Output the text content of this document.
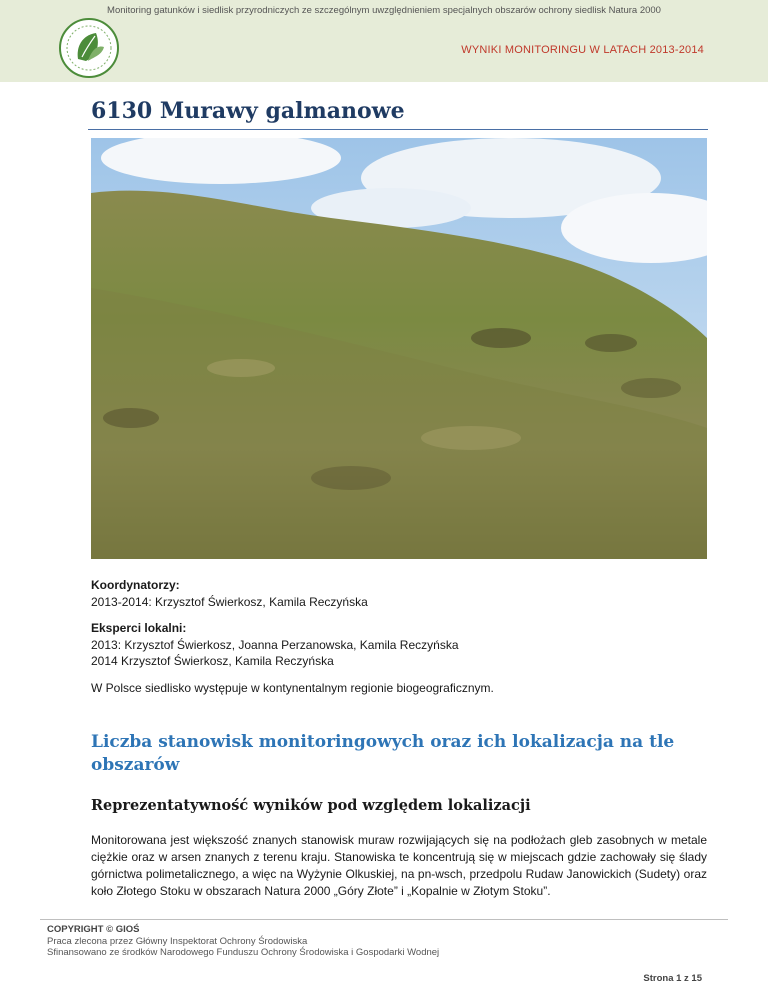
Monitoring gatunków i siedlisk przyrodniczych ze szczególnym uwzględnieniem specjalnych obszarów ochrony siedlisk Natura 2000
WYNIKI MONITORINGU W LATACH 2013-2014
6130 Murawy galmanowe

Koordynatorzy:
2013-2014: Krzysztof Świerkosz, Kamila Reczyńska

Eksperci lokalni:
2013: Krzysztof Świerkosz, Joanna Perzanowska, Kamila Reczyńska
2014 Krzysztof Świerkosz, Kamila Reczyńska

W Polsce siedlisko występuje w kontynentalnym regionie biogeograficznym.

Liczba stanowisk monitoringowych oraz ich lokalizacja na tle obszarów
Reprezentatywność wyników pod względem lokalizacji

Monitorowana jest większość znanych stanowisk muraw rozwijających się na podłożach gleb zasobnych w metale ciężkie oraz w arsen znanych z terenu kraju. Stanowiska te koncentrują się w miejscach gdzie zachowały się ślady górnictwa polimetalicznego, a więc na Wyżynie Olkuskiej, na pn-wsch, przedpolu Rudaw Janowickich (Sudety) oraz koło Złotego Stoku w obszarach Natura 2000 „Góry Złote” i „Kopalnie w Złotym Stoku”.

COPYRIGHT © GIOŚ
Praca zlecona przez Główny Inspektorat Ochrony Środowiska
Sfinansowano ze środków Narodowego Funduszu Ochrony Środowiska i Gospodarki Wodnej
Strona 1 z 15
